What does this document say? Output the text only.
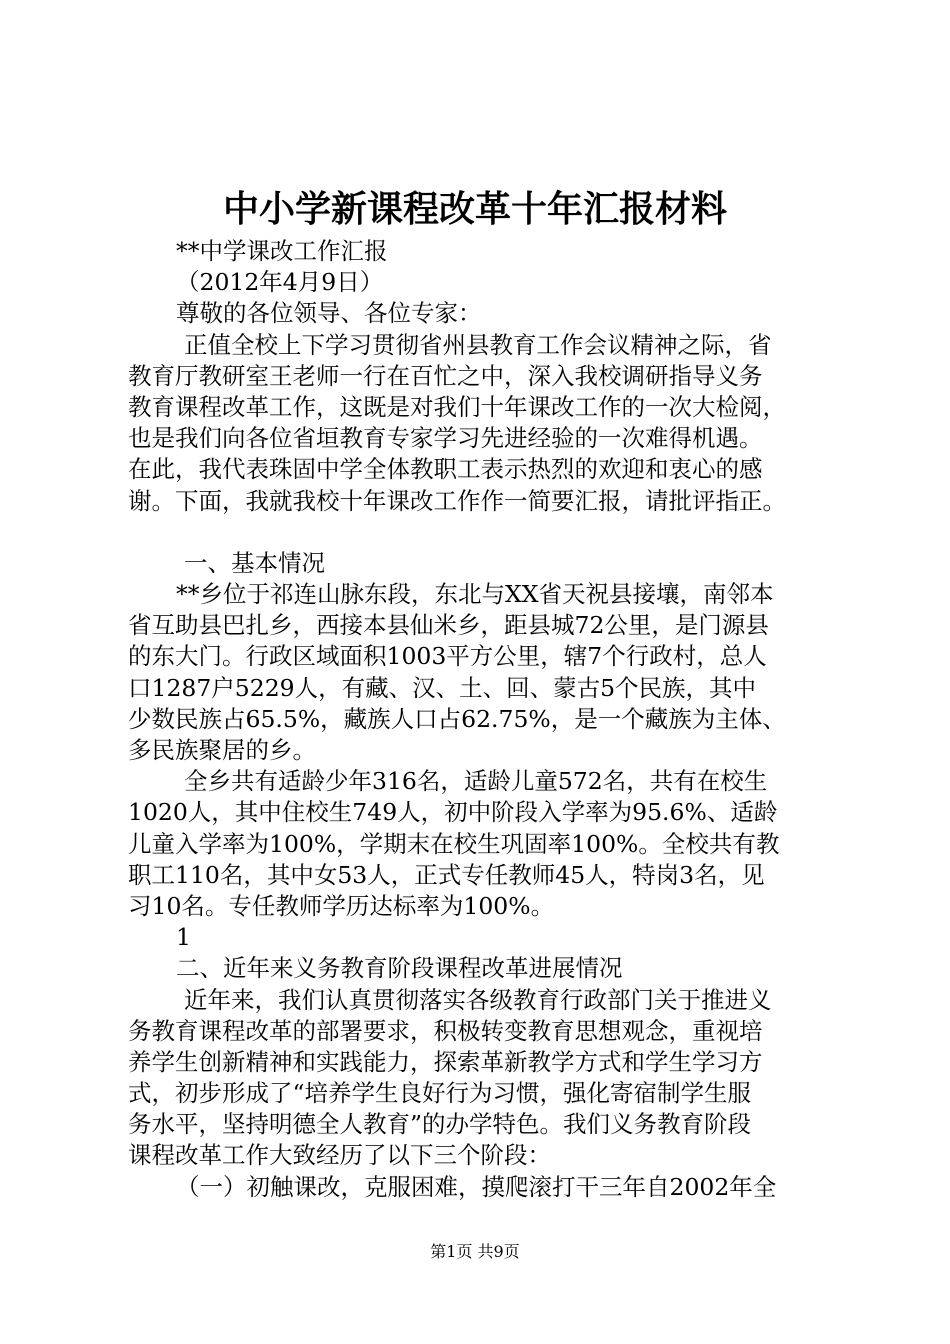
中小学新课程改革十年汇报材料
**中学课改工作汇报
（2012年4月9日）
尊敬的各位领导、各位专家：
正值全校上下学习贯彻省州县教育工作会议精神之际，省
教育厅教研室王老师一行在百忙之中，深入我校调研指导义务
教育课程改革工作，这既是对我们十年课改工作的一次大检阅，
也是我们向各位省垣教育专家学习先进经验的一次难得机遇。
在此，我代表珠固中学全体教职工表示热烈的欢迎和衷心的感
谢。下面，我就我校十年课改工作作一简要汇报，请批评指正。
一、基本情况
**乡位于祁连山脉东段，东北与XX省天祝县接壤，南邻本
省互助县巴扎乡，西接本县仙米乡，距县城72公里，是门源县
的东大门。行政区域面积1003平方公里，辖7个行政村，总人
口1287户5229人，有藏、汉、土、回、蒙古5个民族，其中
少数民族占65.5%，藏族人口占62.75%，是一个藏族为主体、
多民族聚居的乡。
全乡共有适龄少年316名，适龄儿童572名，共有在校生
1020人，其中住校生749人，初中阶段入学率为95.6%、适龄
儿童入学率为100%，学期末在校生巩固率100%。全校共有教
职工110名，其中女53人，正式专任教师45人，特岗3名，见
习10名。专任教师学历达标率为100%。
1
二、近年来义务教育阶段课程改革进展情况
近年来，我们认真贯彻落实各级教育行政部门关于推进义
务教育课程改革的部署要求，积极转变教育思想观念，重视培
养学生创新精神和实践能力，探索革新教学方式和学生学习方
式，初步形成了“培养学生良好行为习惯，强化寄宿制学生服
务水平，坚持明德全人教育”的办学特色。我们义务教育阶段
课程改革工作大致经历了以下三个阶段：
（一）初触课改，克服困难，摸爬滚打干三年自2002年全
第1页 共9页
